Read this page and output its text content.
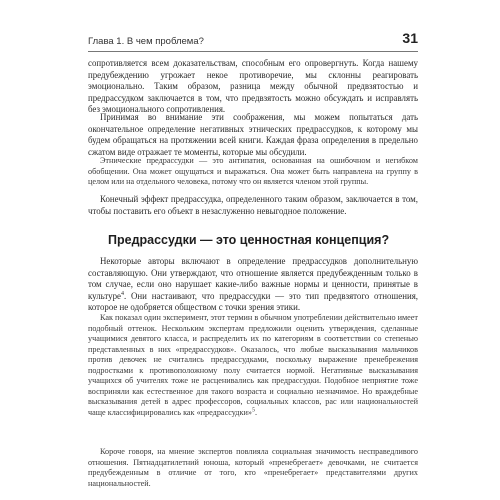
Глава 1. В чем проблема?	31

сопротивляется всем доказательствам, способным его опровергнуть. Когда нашему предубеждению угрожает некое противоречие, мы склонны реагировать эмоционально. Таким образом, разница между обычной предвзятостью и предрассудком заключается в том, что предвзятость можно обсуждать и исправлять без эмоционального сопротивления.

Принимая во внимание эти соображения, мы можем попытаться дать окончательное определение негативных этнических предрассудков, к которому мы будем обращаться на протяжении всей книги. Каждая фраза определения в предельно сжатом виде отражает те моменты, которые мы обсудили.

Этнические предрассудки — это антипатия, основанная на ошибочном и негибком обобщении. Она может ощущаться и выражаться. Она может быть направлена на группу в целом или на отдельного человека, потому что он является членом этой группы.

Конечный эффект предрассудка, определенного таким образом, заключается в том, чтобы поставить его объект в незаслуженно невыгодное положение.

Предрассудки — это ценностная концепция?

Некоторые авторы включают в определение предрассудков дополнительную составляющую. Они утверждают, что отношение является предубежденным только в том случае, если оно нарушает какие-либо важные нормы и ценности, принятые в культуре$^4$. Они настаивают, что предрассудки — это тип предвзятого отношения, которое не одобряется обществом с точки зрения этики.

Как показал один эксперимент, этот термин в обычном употреблении действительно имеет подобный оттенок. Нескольким экспертам предложили оценить утверждения, сделанные учащимися девятого класса, и распределить их по категориям в соответствии со степенью представленных в них «предрассудков». Оказалось, что любые высказывания мальчиков против девочек не считались предрассудками, поскольку выражение пренебрежения подростками к противоположному полу считается нормой. Негативные высказывания учащихся об учителях тоже не расценивались как предрассудки. Подобное неприятие тоже восприняли как естественное для такого возраста и социально незначимое. Но враждебные высказывания детей в адрес профессоров, социальных классов, рас или национальностей чаще классифицировались как «предрассудки»$^5$.

Короче говоря, на мнение экспертов повлияла социальная значимость несправедливого отношения. Пятнадцатилетний юноша, который «пренебрегает» девочками, не считается предубежденным в отличие от того, кто «пренебрегает» представителями других национальностей.
